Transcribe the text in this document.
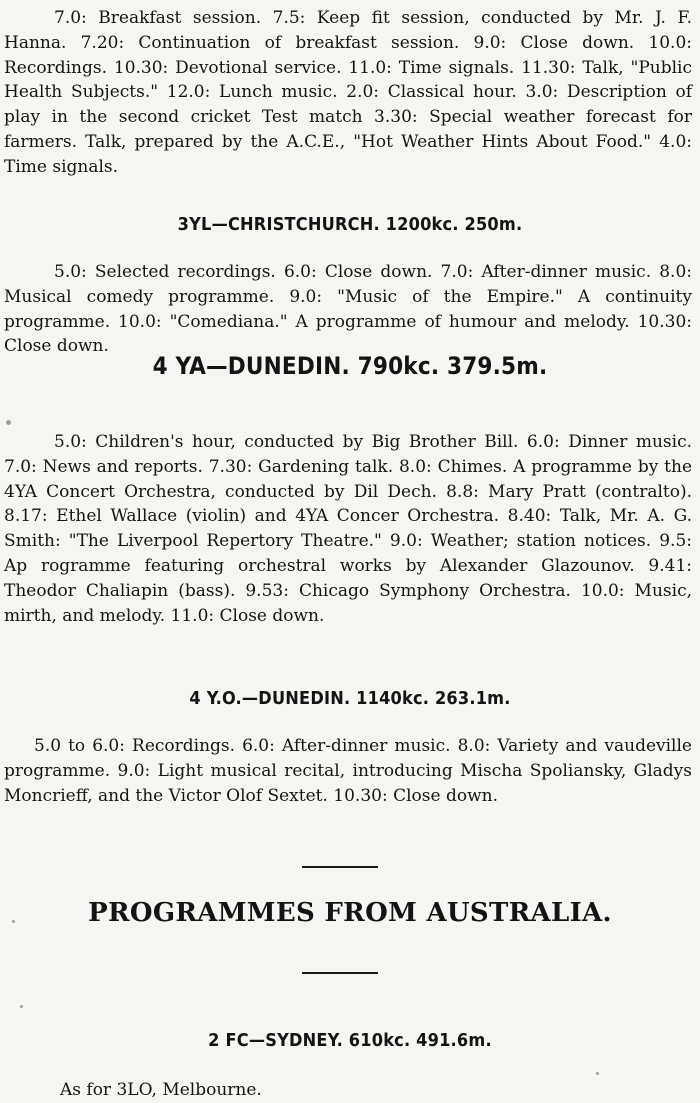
7.0: Breakfast session. 7.5: Keep fit session, conducted by Mr. J. F. Hanna. 7.20: Continuation of breakfast session. 9.0: Close down. 10.0: Recordings. 10.30: Devotional service. 11.0: Time signals. 11.30: Talk, "Public Health Subjects." 12.0: Lunch music. 2.0: Classical hour. 3.0: Description of play in the second cricket Test match 3.30: Special weather forecast for farmers. Talk, prepared by the A.C.E., "Hot Weather Hints About Food." 4.0: Time signals.

3YL—CHRISTCHURCH. 1200kc. 250m.

5.0: Selected recordings. 6.0: Close down. 7.0: After-dinner music. 8.0: Musical comedy programme. 9.0: "Music of the Empire." A continuity programme. 10.0: "Comediana." A programme of humour and melody. 10.30: Close down.

4 YA—DUNEDIN. 790kc. 379.5m.

5.0: Children's hour, conducted by Big Brother Bill. 6.0: Dinner music. 7.0: News and reports. 7.30: Gardening talk. 8.0: Chimes. A programme by the 4YA Concert Orchestra, conducted by Dil Dech. 8.8: Mary Pratt (contralto). 8.17: Ethel Wallace (violin) and 4YA Concer Orchestra. 8.40: Talk, Mr. A. G. Smith: "The Liverpool Repertory Theatre." 9.0: Weather; station notices. 9.5: Ap rogramme featuring orchestral works by Alexander Glazounov. 9.41: Theodor Chaliapin (bass). 9.53: Chicago Symphony Orchestra. 10.0: Music, mirth, and melody. 11.0: Close down.

4 Y.O.—DUNEDIN. 1140kc. 263.1m.

5.0 to 6.0: Recordings. 6.0: After-dinner music. 8.0: Variety and vaudeville programme. 9.0: Light musical recital, introducing Mischa Spoliansky, Gladys Moncrieff, and the Victor Olof Sextet. 10.30: Close down.

PROGRAMMES FROM AUSTRALIA.
2 FC—SYDNEY. 610kc. 491.6m.

As for 3LO, Melbourne.
